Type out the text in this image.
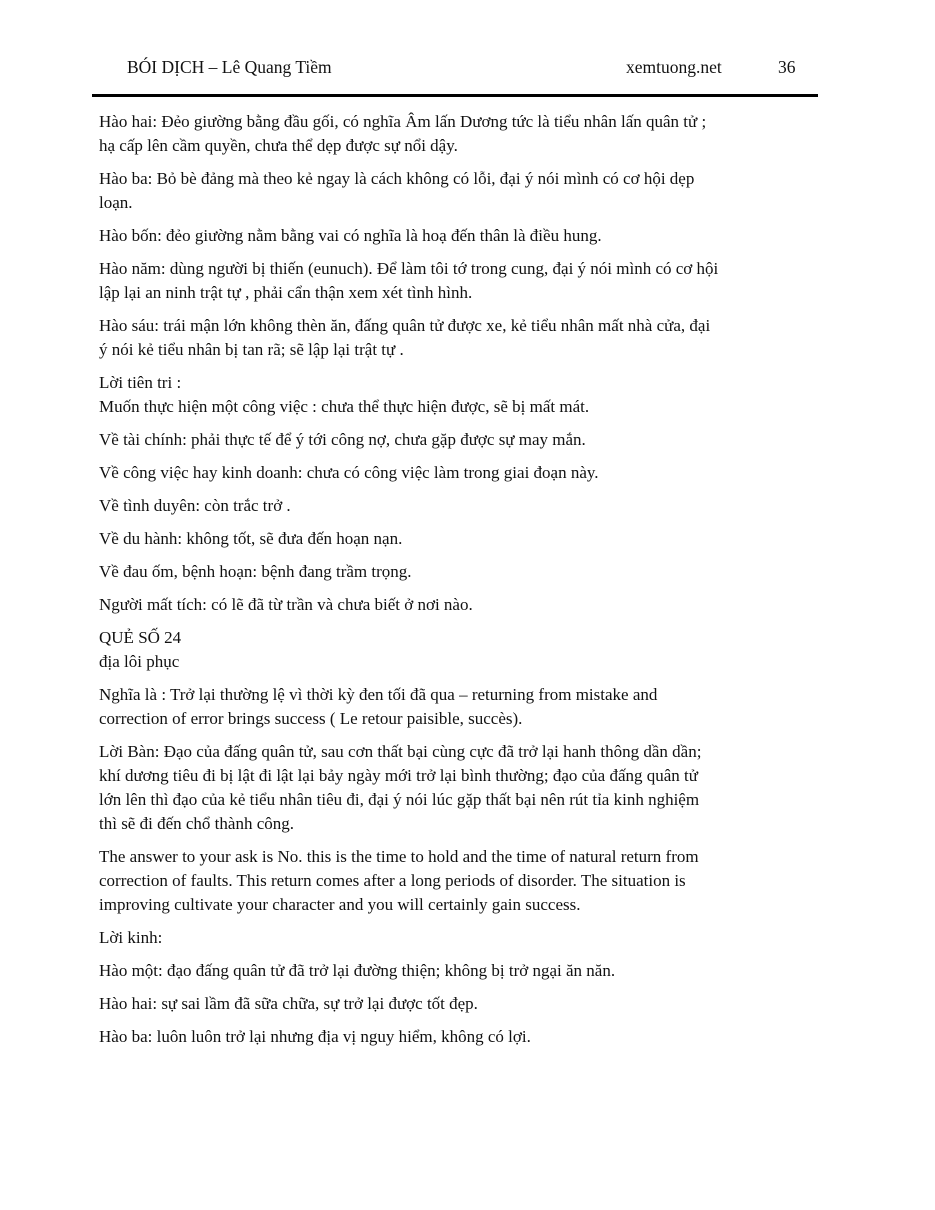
BÓI DỊCH – Lê Quang Tiềm	xemtuong.net	36

Hào hai: Đẻo giường bằng đầu gối, có nghĩa Âm lấn Dương tức là tiểu nhân lấn quân tử ;
hạ cấp lên cầm quyền, chưa thể dẹp được sự nổi dậy.

Hào ba: Bỏ bè đảng mà theo kẻ ngay là cách không có lỗi, đại ý nói mình có cơ hội dẹp
loạn.

Hào bốn: đẻo giường nằm bằng vai có nghĩa là hoạ đến thân là điều hung.

Hào năm: dùng người bị thiến (eunuch). Để làm tôi tớ trong cung, đại ý nói mình có cơ hội
lập lại an ninh trật tự , phải cẩn thận xem xét tình hình.

Hào sáu: trái mận lớn không thèn ăn, đấng quân tử được xe, kẻ tiểu nhân mất nhà cửa, đại
ý nói kẻ tiểu nhân bị tan rã; sẽ lập lại trật tự .

Lời tiên tri :
Muốn thực hiện một công việc : chưa thể thực hiện được, sẽ bị mất mát.

Về tài chính: phải thực tế để ý tới công nợ, chưa gặp được sự may mắn.

Về công việc hay kinh doanh: chưa có công việc làm trong giai đoạn này.

Về tình duyên: còn trắc trở .

Về du hành: không tốt, sẽ đưa đến hoạn nạn.

Về đau ốm, bệnh hoạn: bệnh đang trầm trọng.

Người mất tích: có lẽ đã từ trần và chưa biết ở nơi nào.

QUẺ SỐ 24
địa lôi phục

Nghĩa là : Trở lại thường lệ vì thời kỳ đen tối đã qua – returning from mistake and
correction of error brings success ( Le retour paisible, succès).

Lời Bàn: Đạo của đấng quân tử, sau cơn thất bại cùng cực đã trở lại hanh thông dần dần;
khí dương tiêu đi bị lật đi lật lại bảy ngày mới trở lại bình thường; đạo của đấng quân tử
lớn lên thì đạo của kẻ tiểu nhân tiêu đi, đại ý nói lúc gặp thất bại nên rút tỉa kinh nghiệm
thì sẽ đi đến chổ thành công.

The answer to your ask is No. this is the time to hold and the time of natural return from
correction of faults. This return comes after a long periods of disorder. The situation is
improving cultivate your character and you will certainly gain success.

Lời kinh:

Hào một: đạo đấng quân tử đã trở lại đường thiện; không bị trở ngại ăn năn.

Hào hai: sự sai lầm đã sữa chữa, sự trở lại được tốt đẹp.

Hào ba: luôn luôn trở lại nhưng địa vị nguy hiểm, không có lợi.
